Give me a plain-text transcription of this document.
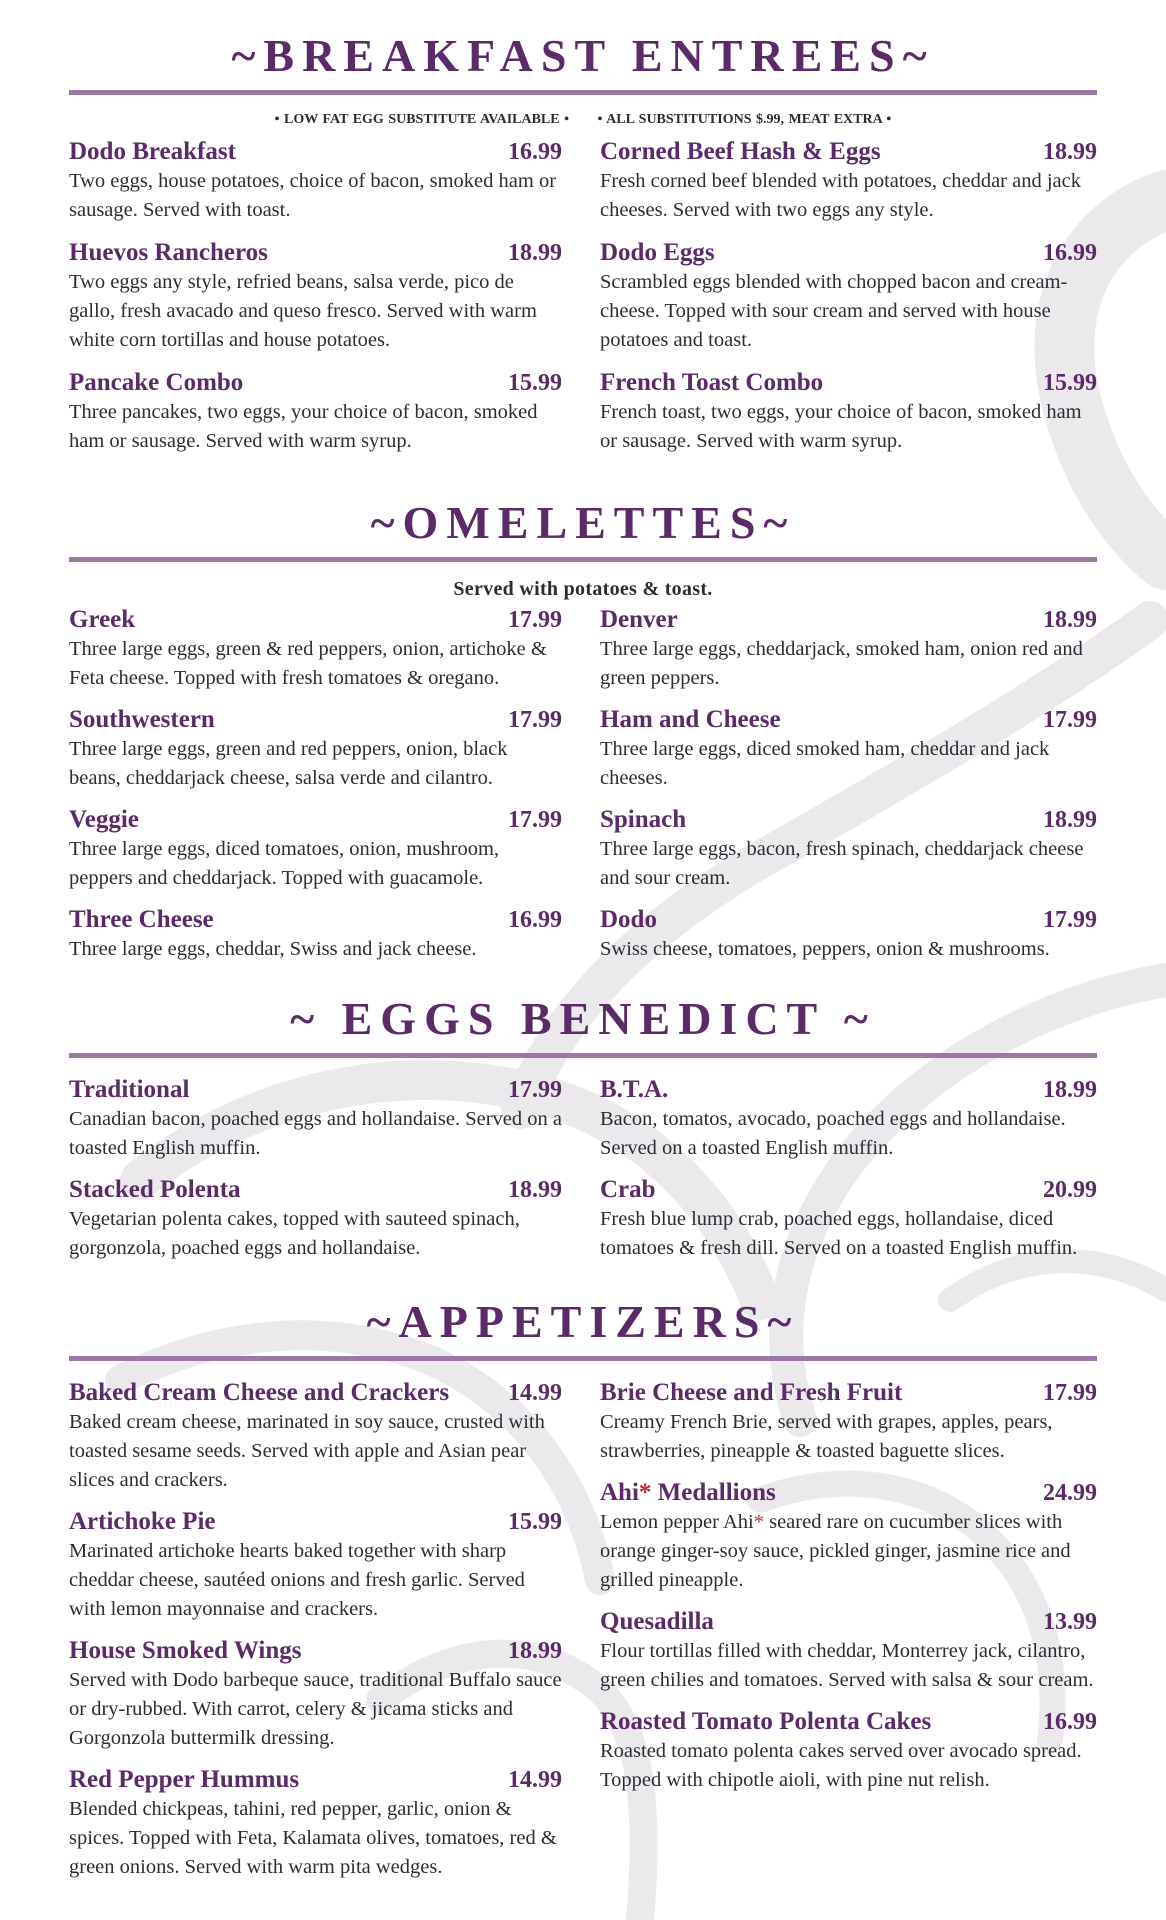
~BREAKFAST ENTREES~
• LOW FAT EGG SUBSTITUTE AVAILABLE • • ALL SUBSTITUTIONS $.99, MEAT EXTRA •
Dodo Breakfast	16.99
Two eggs, house potatoes, choice of bacon, smoked ham or sausage. Served with toast.
Huevos Rancheros	18.99
Two eggs any style, refried beans, salsa verde, pico de gallo, fresh avacado and queso fresco. Served with warm white corn tortillas and house potatoes.
Pancake Combo	15.99
Three pancakes, two eggs, your choice of bacon, smoked ham or sausage. Served with warm syrup.
Corned Beef Hash & Eggs	18.99
Fresh corned beef blended with potatoes, cheddar and jack cheeses. Served with two eggs any style.
Dodo Eggs	16.99
Scrambled eggs blended with chopped bacon and cream-cheese. Topped with sour cream and served with house potatoes and toast.
French Toast Combo	15.99
French toast, two eggs, your choice of bacon, smoked ham or sausage. Served with warm syrup.
~OMELETTES~
Served with potatoes & toast.
Greek	17.99
Three large eggs, green & red peppers, onion, artichoke & Feta cheese. Topped with fresh tomatoes & oregano.
Southwestern	17.99
Three large eggs, green and red peppers, onion, black beans, cheddarjack cheese, salsa verde and cilantro.
Veggie	17.99
Three large eggs, diced tomatoes, onion, mushroom, peppers and cheddarjack. Topped with guacamole.
Three Cheese	16.99
Three large eggs, cheddar, Swiss and jack cheese.
Denver	18.99
Three large eggs, cheddarjack, smoked ham, onion red and green peppers.
Ham and Cheese	17.99
Three large eggs, diced smoked ham, cheddar and jack cheeses.
Spinach	18.99
Three large eggs, bacon, fresh spinach, cheddarjack cheese and sour cream.
Dodo	17.99
Swiss cheese, tomatoes, peppers, onion & mushrooms.
~ EGGS BENEDICT ~
Traditional	17.99
Canadian bacon, poached eggs and hollandaise. Served on a toasted English muffin.
Stacked Polenta	18.99
Vegetarian polenta cakes, topped with sauteed spinach, gorgonzola, poached eggs and hollandaise.
B.T.A.	18.99
Bacon, tomatos, avocado, poached eggs and hollandaise. Served on a toasted English muffin.
Crab	20.99
Fresh blue lump crab, poached eggs, hollandaise, diced tomatoes & fresh dill. Served on a toasted English muffin.
~APPETIZERS~
Baked Cream Cheese and Crackers 14.99
Baked cream cheese, marinated in soy sauce, crusted with toasted sesame seeds. Served with apple and Asian pear slices and crackers.
Artichoke Pie	15.99
Marinated artichoke hearts baked together with sharp cheddar cheese, sautéed onions and fresh garlic. Served with lemon mayonnaise and crackers.
House Smoked Wings	18.99
Served with Dodo barbeque sauce, traditional Buffalo sauce or dry-rubbed. With carrot, celery & jicama sticks and Gorgonzola buttermilk dressing.
Red Pepper Hummus	14.99
Blended chickpeas, tahini, red pepper, garlic, onion & spices. Topped with Feta, Kalamata olives, tomatoes, red & green onions. Served with warm pita wedges.
Brie Cheese and Fresh Fruit	17.99
Creamy French Brie, served with grapes, apples, pears, strawberries, pineapple & toasted baguette slices.
Ahi* Medallions	24.99
Lemon pepper Ahi* seared rare on cucumber slices with orange ginger-soy sauce, pickled ginger, jasmine rice and grilled pineapple.
Quesadilla	13.99
Flour tortillas filled with cheddar, Monterrey jack, cilantro, green chilies and tomatoes. Served with salsa & sour cream.
Roasted Tomato Polenta Cakes	16.99
Roasted tomato polenta cakes served over avocado spread. Topped with chipotle aioli, with pine nut relish.
